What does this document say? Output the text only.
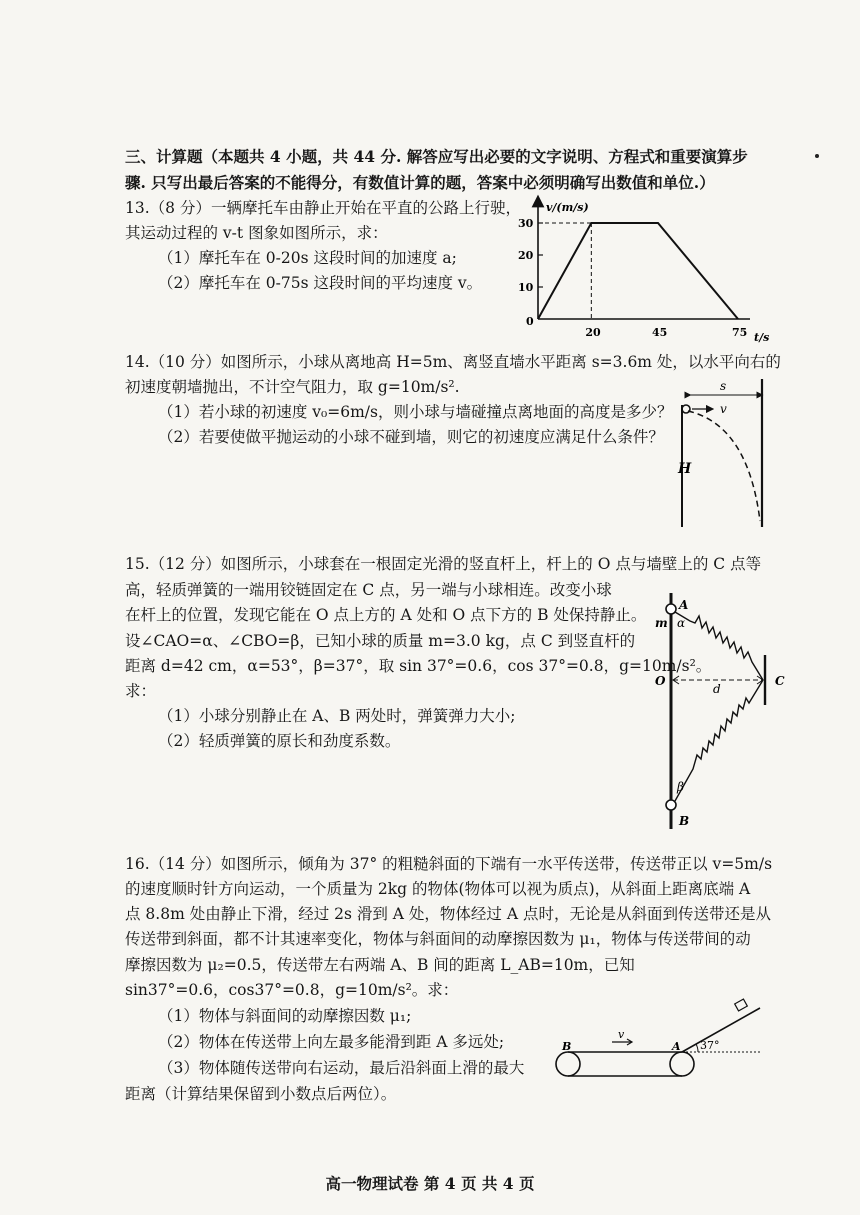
三、计算题（本题共 4 小题，共 44 分. 解答应写出必要的文字说明、方程式和重要演算步
骤. 只写出最后答案的不能得分，有数值计算的题，答案中必须明确写出数值和单位.）
13.（8 分）一辆摩托车由静止开始在平直的公路上行驶，
其运动过程的 v-t 图象如图所示，求：
（1）摩托车在 0-20s 这段时间的加速度 a;
（2）摩托车在 0-75s 这段时间的平均速度 v。
v/(m/s)
t/s
0
30
20
10
20	45	75
14.（10 分）如图所示，小球从离地高 H=5m、离竖直墙水平距离 s=3.6m 处，以水平向右的
初速度朝墙抛出，不计空气阻力，取 g=10m/s².
（1）若小球的初速度 v₀=6m/s，则小球与墙碰撞点离地面的高度是多少？
（2）若要使做平抛运动的小球不碰到墙，则它的初速度应满足什么条件？
s
v
H
15.（12 分）如图所示，小球套在一根固定光滑的竖直杆上，杆上的 O 点与墙壁上的 C 点等
高，轻质弹簧的一端用铰链固定在 C 点，另一端与小球相连。改变小球
在杆上的位置，发现它能在 O 点上方的 A 处和 O 点下方的 B 处保持静止。
设∠CAO=α、∠CBO=β，已知小球的质量 m=3.0 kg，点 C 到竖直杆的
距离 d=42 cm，α=53°，β=37°，取 sin 37°=0.6，cos 37°=0.8，g=10m/s²。
求：
（1）小球分别静止在 A、B 两处时，弹簧弹力大小;
（2）轻质弹簧的原长和劲度系数。
A
m α
O
d
C
β
B
16.（14 分）如图所示，倾角为 37° 的粗糙斜面的下端有一水平传送带，传送带正以 v=5m/s
的速度顺时针方向运动，一个质量为 2kg 的物体(物体可以视为质点)，从斜面上距离底端 A
点 8.8m 处由静止下滑，经过 2s 滑到 A 处，物体经过 A 点时，无论是从斜面到传送带还是从
传送带到斜面，都不计其速率变化，物体与斜面间的动摩擦因数为 μ₁，物体与传送带间的动
摩擦因数为 μ₂=0.5，传送带左右两端 A、B 间的距离 L_AB=10m，已知
sin37°=0.6，cos37°=0.8，g=10m/s²。求：
（1）物体与斜面间的动摩擦因数 μ₁;
（2）物体在传送带上向左最多能滑到距 A 多远处;
（3）物体随传送带向右运动，最后沿斜面上滑的最大
距离（计算结果保留到小数点后两位）。
v
B	A 37°
高一物理试卷 第 4 页 共 4 页
